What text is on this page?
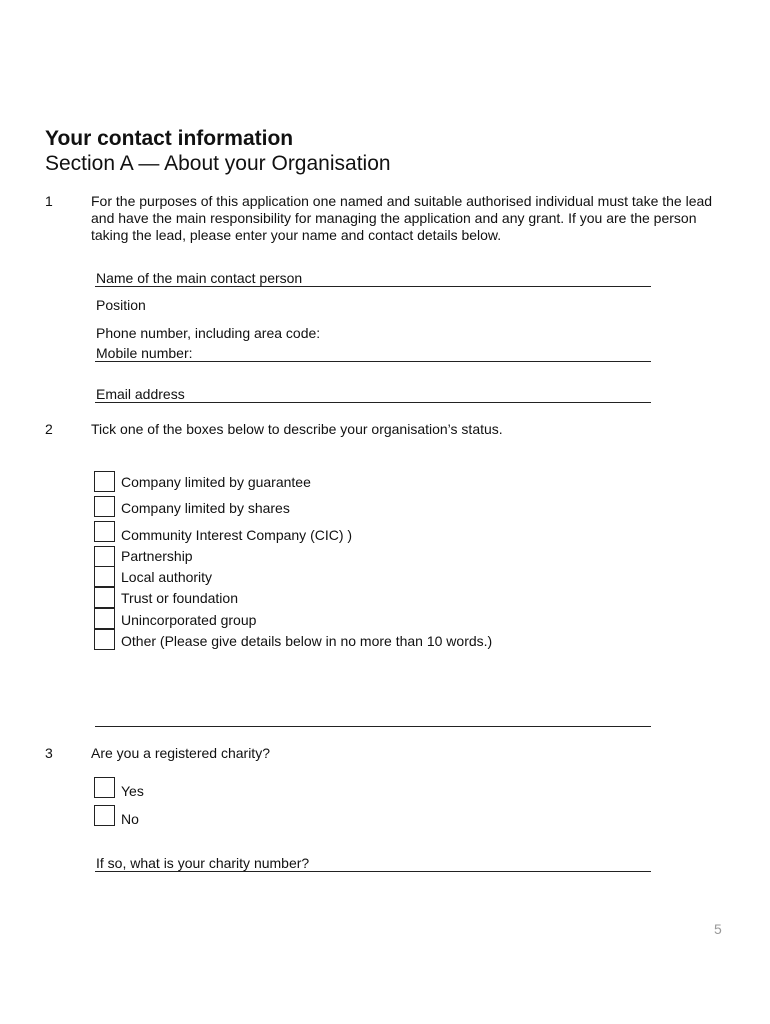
Your contact information
Section A — About your Organisation
1	For the purposes of this application one named and suitable authorised individual must take the lead and have the main responsibility for managing the application and any grant. If you are the person taking the lead, please enter your name and contact details below.
Name of the main contact person
Position
Phone number, including area code:
Mobile number:
Email address
2	Tick one of the boxes below to describe your organisation’s status.
Company limited by guarantee
Company limited by shares
Community Interest Company (CIC) )
Partnership
Local authority
Trust or foundation
Unincorporated group
Other (Please give details below in no more than 10 words.)
3	Are you a registered charity?
Yes
No
If so, what is your charity number?
5
